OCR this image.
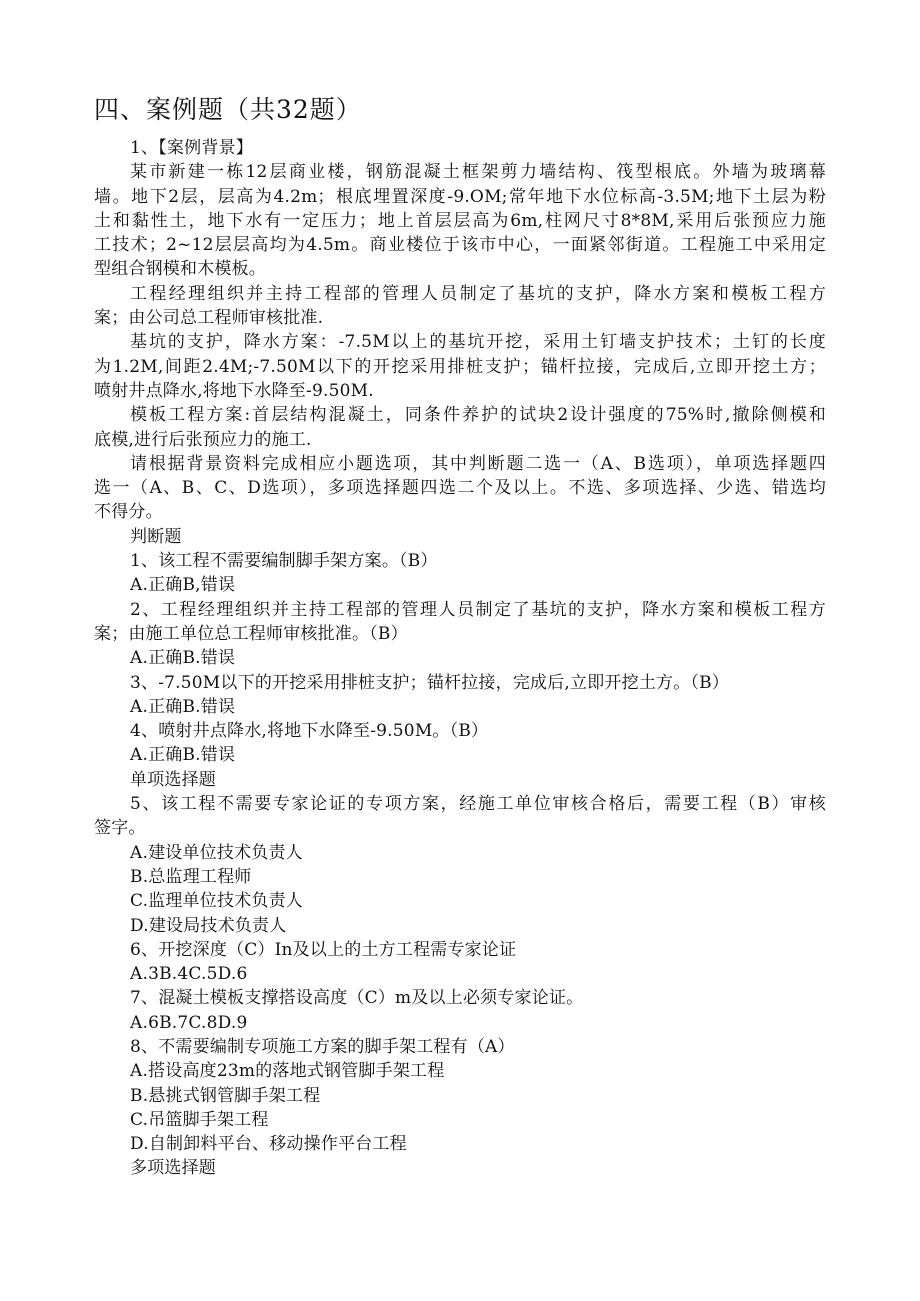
四、案例题（共32题）
1、【案例背景】
某市新建一栋12层商业楼，钢筋混凝土框架剪力墙结构、筏型根底。外墙为玻璃幕
墙。地下2层，层高为4.2m；根底埋置深度-9.OM;常年地下水位标高-3.5M;地下土层为粉
土和黏性土，地下水有一定压力；地上首层层高为6m,柱网尺寸8*8M,采用后张预应力施
工技术；2~12层层高均为4.5m。商业楼位于该市中心，一面紧邻街道。工程施工中采用定
型组合钢模和木模板。
工程经理组织并主持工程部的管理人员制定了基坑的支护，降水方案和模板工程方
案；由公司总工程师审核批准.
基坑的支护，降水方案：-7.5M以上的基坑开挖，采用土钉墙支护技术；土钉的长度
为1.2M,间距2.4M;-7.50M以下的开挖采用排桩支护；锚杆拉接，完成后,立即开挖土方；
喷射井点降水,将地下水降至-9.50M.
模板工程方案:首层结构混凝土，同条件养护的试块2设计强度的75%时,撤除侧模和
底模,进行后张预应力的施工.
请根据背景资料完成相应小题选项，其中判断题二选一（A、B选项），单项选择题四
选一（A、B、C、D选项），多项选择题四选二个及以上。不选、多项选择、少选、错选均
不得分。
判断题
1、该工程不需要编制脚手架方案。（B）
A.正确B,错误
2、工程经理组织并主持工程部的管理人员制定了基坑的支护，降水方案和模板工程方
案；由施工单位总工程师审核批准。（B）
A.正确B.错误
3、-7.50M以下的开挖采用排桩支护；锚杆拉接，完成后,立即开挖土方。（B）
A.正确B.错误
4、喷射井点降水,将地下水降至-9.50M。（B）
A.正确B.错误
单项选择题
5、该工程不需要专家论证的专项方案，经施工单位审核合格后，需要工程（B）审核
签字。
A.建设单位技术负责人
B.总监理工程师
C.监理单位技术负责人
D.建设局技术负责人
6、开挖深度（C）In及以上的土方工程需专家论证
A.3B.4C.5D.6
7、混凝土模板支撑搭设高度（C）m及以上必须专家论证。
A.6B.7C.8D.9
8、不需要编制专项施工方案的脚手架工程有（A）
A.搭设高度23m的落地式钢管脚手架工程
B.悬挑式钢管脚手架工程
C.吊篮脚手架工程
D.自制卸料平台、移动操作平台工程
多项选择题
